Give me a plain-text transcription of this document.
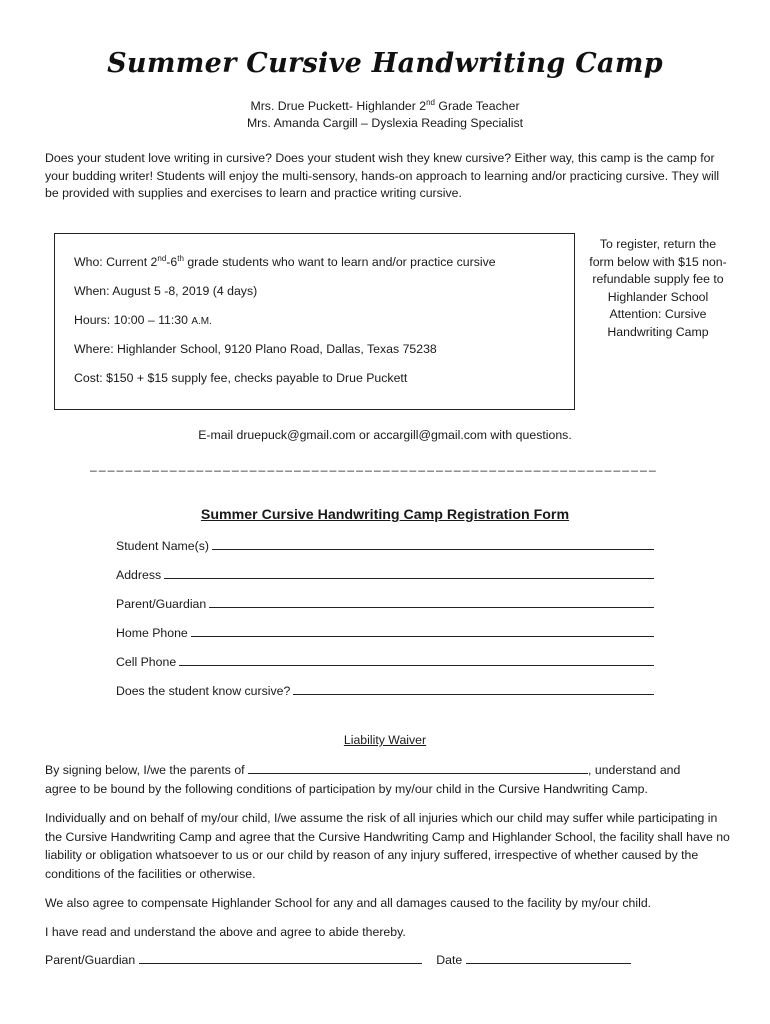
Summer Cursive Handwriting Camp
Mrs. Drue Puckett- Highlander 2nd Grade Teacher
Mrs. Amanda Cargill – Dyslexia Reading Specialist
Does your student love writing in cursive? Does your student wish they knew cursive? Either way, this camp is the camp for your budding writer! Students will enjoy the multi-sensory, hands-on approach to learning and/or practicing cursive. They will be provided with supplies and exercises to learn and practice writing cursive.
Who: Current 2nd-6th grade students who want to learn and/or practice cursive
When: August 5 -8, 2019 (4 days)
Hours: 10:00 – 11:30 A.M.
Where: Highlander School, 9120 Plano Road, Dallas, Texas 75238
Cost: $150 + $15 supply fee, checks payable to Drue Puckett
To register, return the form below with $15 non-refundable supply fee to Highlander School Attention: Cursive Handwriting Camp
E-mail druepuck@gmail.com or accargill@gmail.com with questions.
________________________________________________________________
Summer Cursive Handwriting Camp Registration Form
Student Name(s)
Address
Parent/Guardian
Home Phone
Cell Phone
Does the student know cursive?
Liability Waiver
By signing below, I/we the parents of	, understand and
agree to be bound by the following conditions of participation by my/our child in the Cursive Handwriting Camp.
Individually and on behalf of my/our child, I/we assume the risk of all injuries which our child may suffer while participating in the Cursive Handwriting Camp and agree that the Cursive Handwriting Camp and Highlander School, the facility shall have no liability or obligation whatsoever to us or our child by reason of any injury suffered, irrespective of whether caused by the conditions of the facilities or otherwise.
We also agree to compensate Highlander School for any and all damages caused to the facility by my/our child.
I have read and understand the above and agree to abide thereby.
Parent/Guardian	Date
